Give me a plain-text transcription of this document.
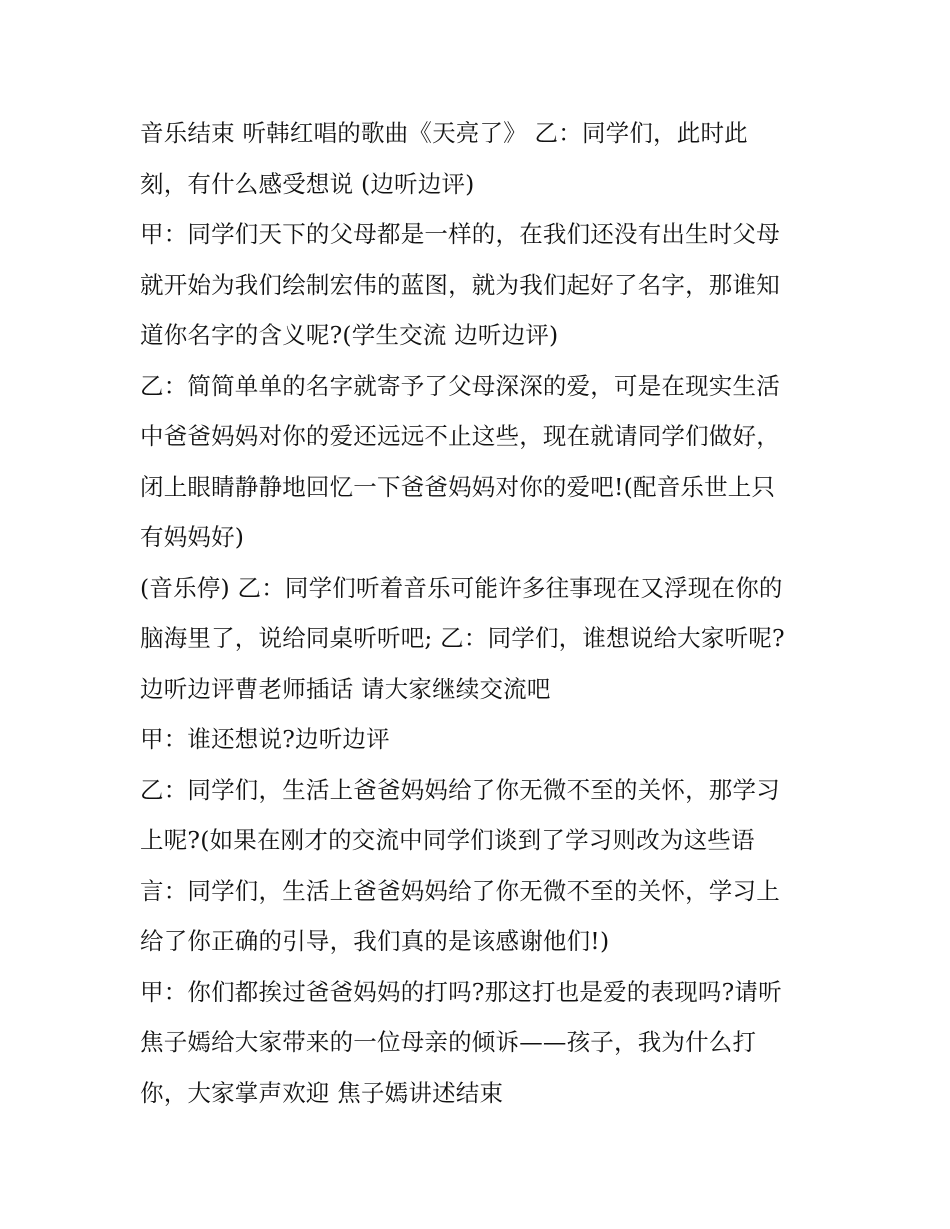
音乐结束 听韩红唱的歌曲《天亮了》 乙：同学们，此时此
刻，有什么感受想说 (边听边评)
甲：同学们天下的父母都是一样的，在我们还没有出生时父母
就开始为我们绘制宏伟的蓝图，就为我们起好了名字，那谁知
道你名字的含义呢?(学生交流 边听边评)
乙：简简单单的名字就寄予了父母深深的爱，可是在现实生活
中爸爸妈妈对你的爱还远远不止这些，现在就请同学们做好，
闭上眼睛静静地回忆一下爸爸妈妈对你的爱吧!(配音乐世上只
有妈妈好)
(音乐停) 乙：同学们听着音乐可能许多往事现在又浮现在你的
脑海里了，说给同桌听听吧; 乙：同学们，谁想说给大家听呢?
边听边评曹老师插话 请大家继续交流吧
甲：谁还想说?边听边评
乙：同学们，生活上爸爸妈妈给了你无微不至的关怀，那学习
上呢?(如果在刚才的交流中同学们谈到了学习则改为这些语
言：同学们，生活上爸爸妈妈给了你无微不至的关怀，学习上
给了你正确的引导，我们真的是该感谢他们!)
甲：你们都挨过爸爸妈妈的打吗?那这打也是爱的表现吗?请听
焦子嫣给大家带来的一位母亲的倾诉——孩子，我为什么打
你，大家掌声欢迎 焦子嫣讲述结束
